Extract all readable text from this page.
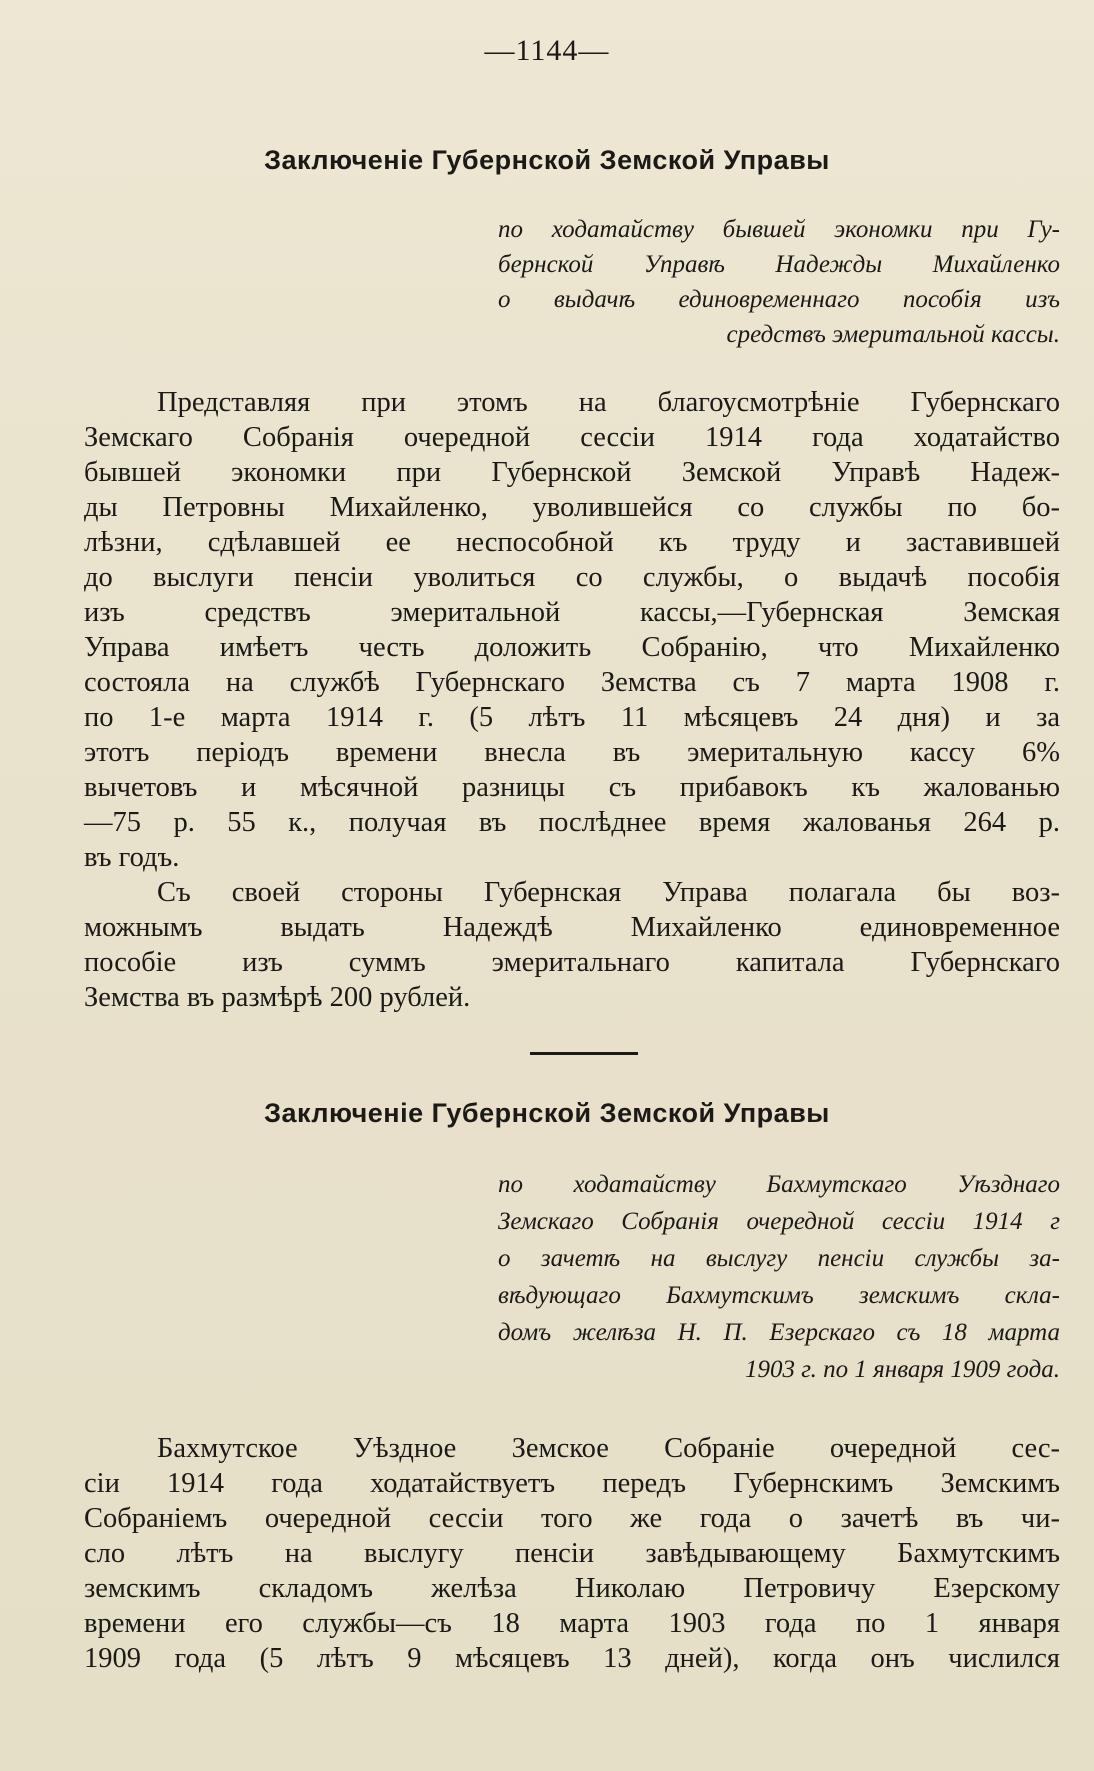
—1144—
Заключеніе Губернской Земской Управы

по ходатайству бывшей экономки при Гу-

бернской Управѣ Надежды Михайленко

о выдачѣ единовременнаго пособія изъ

средствъ эмеритальной кассы.

Представляя при этомъ на благоусмотрѣніе Губернскаго

Земскаго Собранія очередной сессіи 1914 года ходатайство

бывшей экономки при Губернской Земской Управѣ Надеж-

ды Петровны Михайленко, уволившейся со службы по бо-

лѣзни, сдѣлавшей ее неспособной къ труду и заставившей

до выслуги пенсіи уволиться со службы, о выдачѣ пособія

изъ средствъ эмеритальной кассы,—Губернская Земская

Управа имѣетъ честь доложить Собранію, что Михайленко

состояла на службѣ Губернскаго Земства съ 7 марта 1908 г.

по 1-е марта 1914 г. (5 лѣтъ 11 мѣсяцевъ 24 дня) и за

этотъ періодъ времени внесла въ эмеритальную кассу 6%

вычетовъ и мѣсячной разницы съ прибавокъ къ жалованью

—75 р. 55 к., получая въ послѣднее время жалованья 264 р.

въ годъ.

Съ своей стороны Губернская Управа полагала бы воз-

можнымъ выдать Надеждѣ Михайленко единовременное

пособіе изъ суммъ эмеритальнаго капитала Губернскаго

Земства въ размѣрѣ 200 рублей.

Заключеніе Губернской Земской Управы

по ходатайству Бахмутскаго Уѣзднаго

Земскаго Собранія очередной сессіи 1914 г

о зачетѣ на выслугу пенсіи службы за-

вѣдующаго Бахмутскимъ земскимъ скла-

домъ желѣза Н. П. Езерскаго съ 18 марта

1903 г. по 1 января 1909 года.

Бахмутское Уѣздное Земское Собраніе очередной сес-

сіи 1914 года ходатайствуетъ передъ Губернскимъ Земскимъ

Собраніемъ очередной сессіи того же года о зачетѣ въ чи-

сло лѣтъ на выслугу пенсіи завѣдывающему Бахмутскимъ

земскимъ складомъ желѣза Николаю Петровичу Езерскому

времени его службы—съ 18 марта 1903 года по 1 января

1909 года (5 лѣтъ 9 мѣсяцевъ 13 дней), когда онъ числился
